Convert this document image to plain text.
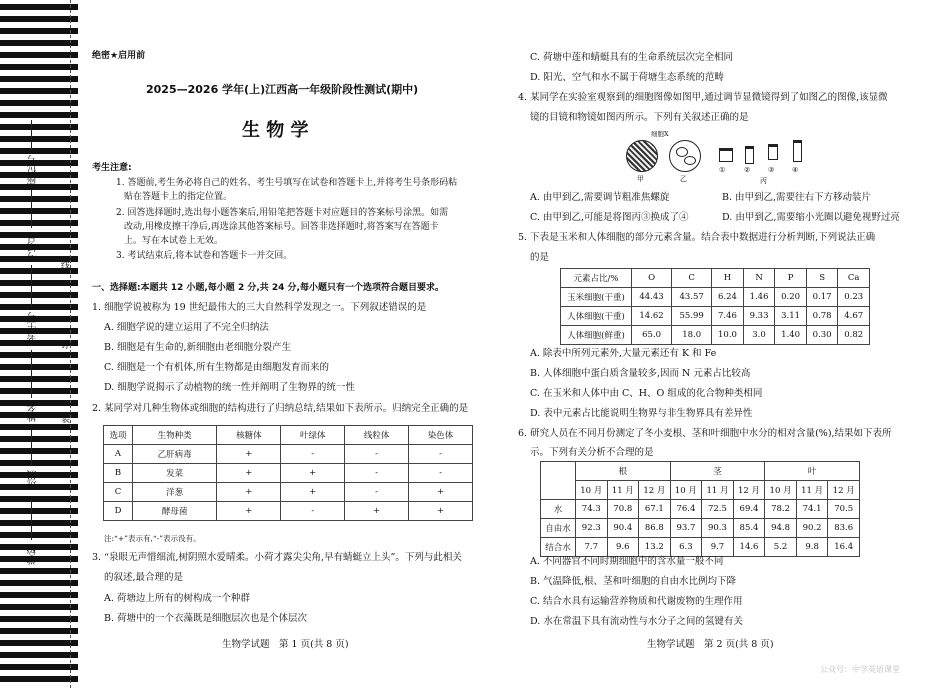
座位号
考场号
考生号
姓名
班级
学校
线
订
装
绝密★启用前
2025—2026 学年(上)江西高一年级阶段性测试(期中)
生 物 学
考生注意:
1. 答题前,考生务必将自己的姓名、考生号填写在试卷和答题卡上,并将考生号条形码粘
贴在答题卡上的指定位置。
2. 回答选择题时,选出每小题答案后,用铅笔把答题卡对应题目的答案标号涂黑。如需
改动,用橡皮擦干净后,再选涂其他答案标号。回答非选择题时,将答案写在答题卡
上。写在本试卷上无效。
3. 考试结束后,将本试卷和答题卡一并交回。
一、选择题:本题共 12 小题,每小题 2 分,共 24 分,每小题只有一个选项符合题目要求。
1. 细胞学说被称为 19 世纪最伟大的三大自然科学发现之一。下列叙述错误的是
A. 细胞学说的建立运用了不完全归纳法
B. 细胞是有生命的,新细胞由老细胞分裂产生
C. 细胞是一个有机体,所有生物都是由细胞发育而来的
D. 细胞学说揭示了动植物的统一性并阐明了生物界的统一性
2. 某同学对几种生物体或细胞的结构进行了归纳总结,结果如下表所示。归纳完全正确的是
选项	生物种类	核糖体	叶绿体	线粒体	染色体
A	乙肝病毒	+	-	-	-
B	发菜	+	+	-	-
C	洋葱	+	+	-	+
D	酵母菌	+	-	+	+
注:“+”表示有,“-”表示没有。
3. “泉眼无声惜细流,树阴照水爱晴柔。小荷才露尖尖角,早有蜻蜓立上头”。下列与此相关
的叙述,最合理的是
A. 荷塘边上所有的树构成一个种群
B. 荷塘中的一个衣藻既是细胞层次也是个体层次
生物学试题　第 1 页(共 8 页)
C. 荷塘中莲和蜻蜓具有的生命系统层次完全相同
D. 阳光、空气和水不属于荷塘生态系统的范畴
4. 某同学在实验室观察到的细胞图像如图甲,通过调节显微镜得到了如图乙的图像,该显微
镜的目镜和物镜如图丙所示。下列有关叙述正确的是
细胞X
甲	乙
①	②	③	④
丙
A. 由甲到乙,需要调节粗准焦螺旋	B. 由甲到乙,需要往右下方移动装片
C. 由甲到乙,可能是将图丙③换成了④	D. 由甲到乙,需要缩小光圈以避免视野过亮
5. 下表是玉米和人体细胞的部分元素含量。结合表中数据进行分析判断,下列说法正确
的是
元素占比/%	O	C	H	N	P	S	Ca
玉米细胞(干重)	44.43	43.57	6.24	1.46	0.20	0.17	0.23
人体细胞(干重)	14.62	55.99	7.46	9.33	3.11	0.78	4.67
人体细胞(鲜重)	65.0	18.0	10.0	3.0	1.40	0.30	0.82
A. 除表中所列元素外,大量元素还有 K 和 Fe
B. 人体细胞中蛋白质含量较多,因而 N 元素占比较高
C. 在玉米和人体中由 C、H、O 组成的化合物种类相同
D. 表中元素占比能说明生物界与非生物界具有差异性
6. 研究人员在不同月份测定了冬小麦根、茎和叶细胞中水分的相对含量(%),结果如下表所
示。下列有关分析不合理的是
	根			茎			叶		
	10 月	11 月	12 月	10 月	11 月	12 月	10 月	11 月	12 月
水	74.3	70.8	67.1	76.4	72.5	69.4	78.2	74.1	70.5
自由水	92.3	90.4	86.8	93.7	90.3	85.4	94.8	90.2	83.6
结合水	7.7	9.6	13.2	6.3	9.7	14.6	5.2	9.8	16.4
A. 不同器官不同时期细胞中的含水量一般不同
B. 气温降低,根、茎和叶细胞的自由水比例均下降
C. 结合水具有运输营养物质和代谢废物的生理作用
D. 水在常温下具有流动性与水分子之间的氢键有关
生物学试题　第 2 页(共 8 页)
公众号：中学英语课堂
